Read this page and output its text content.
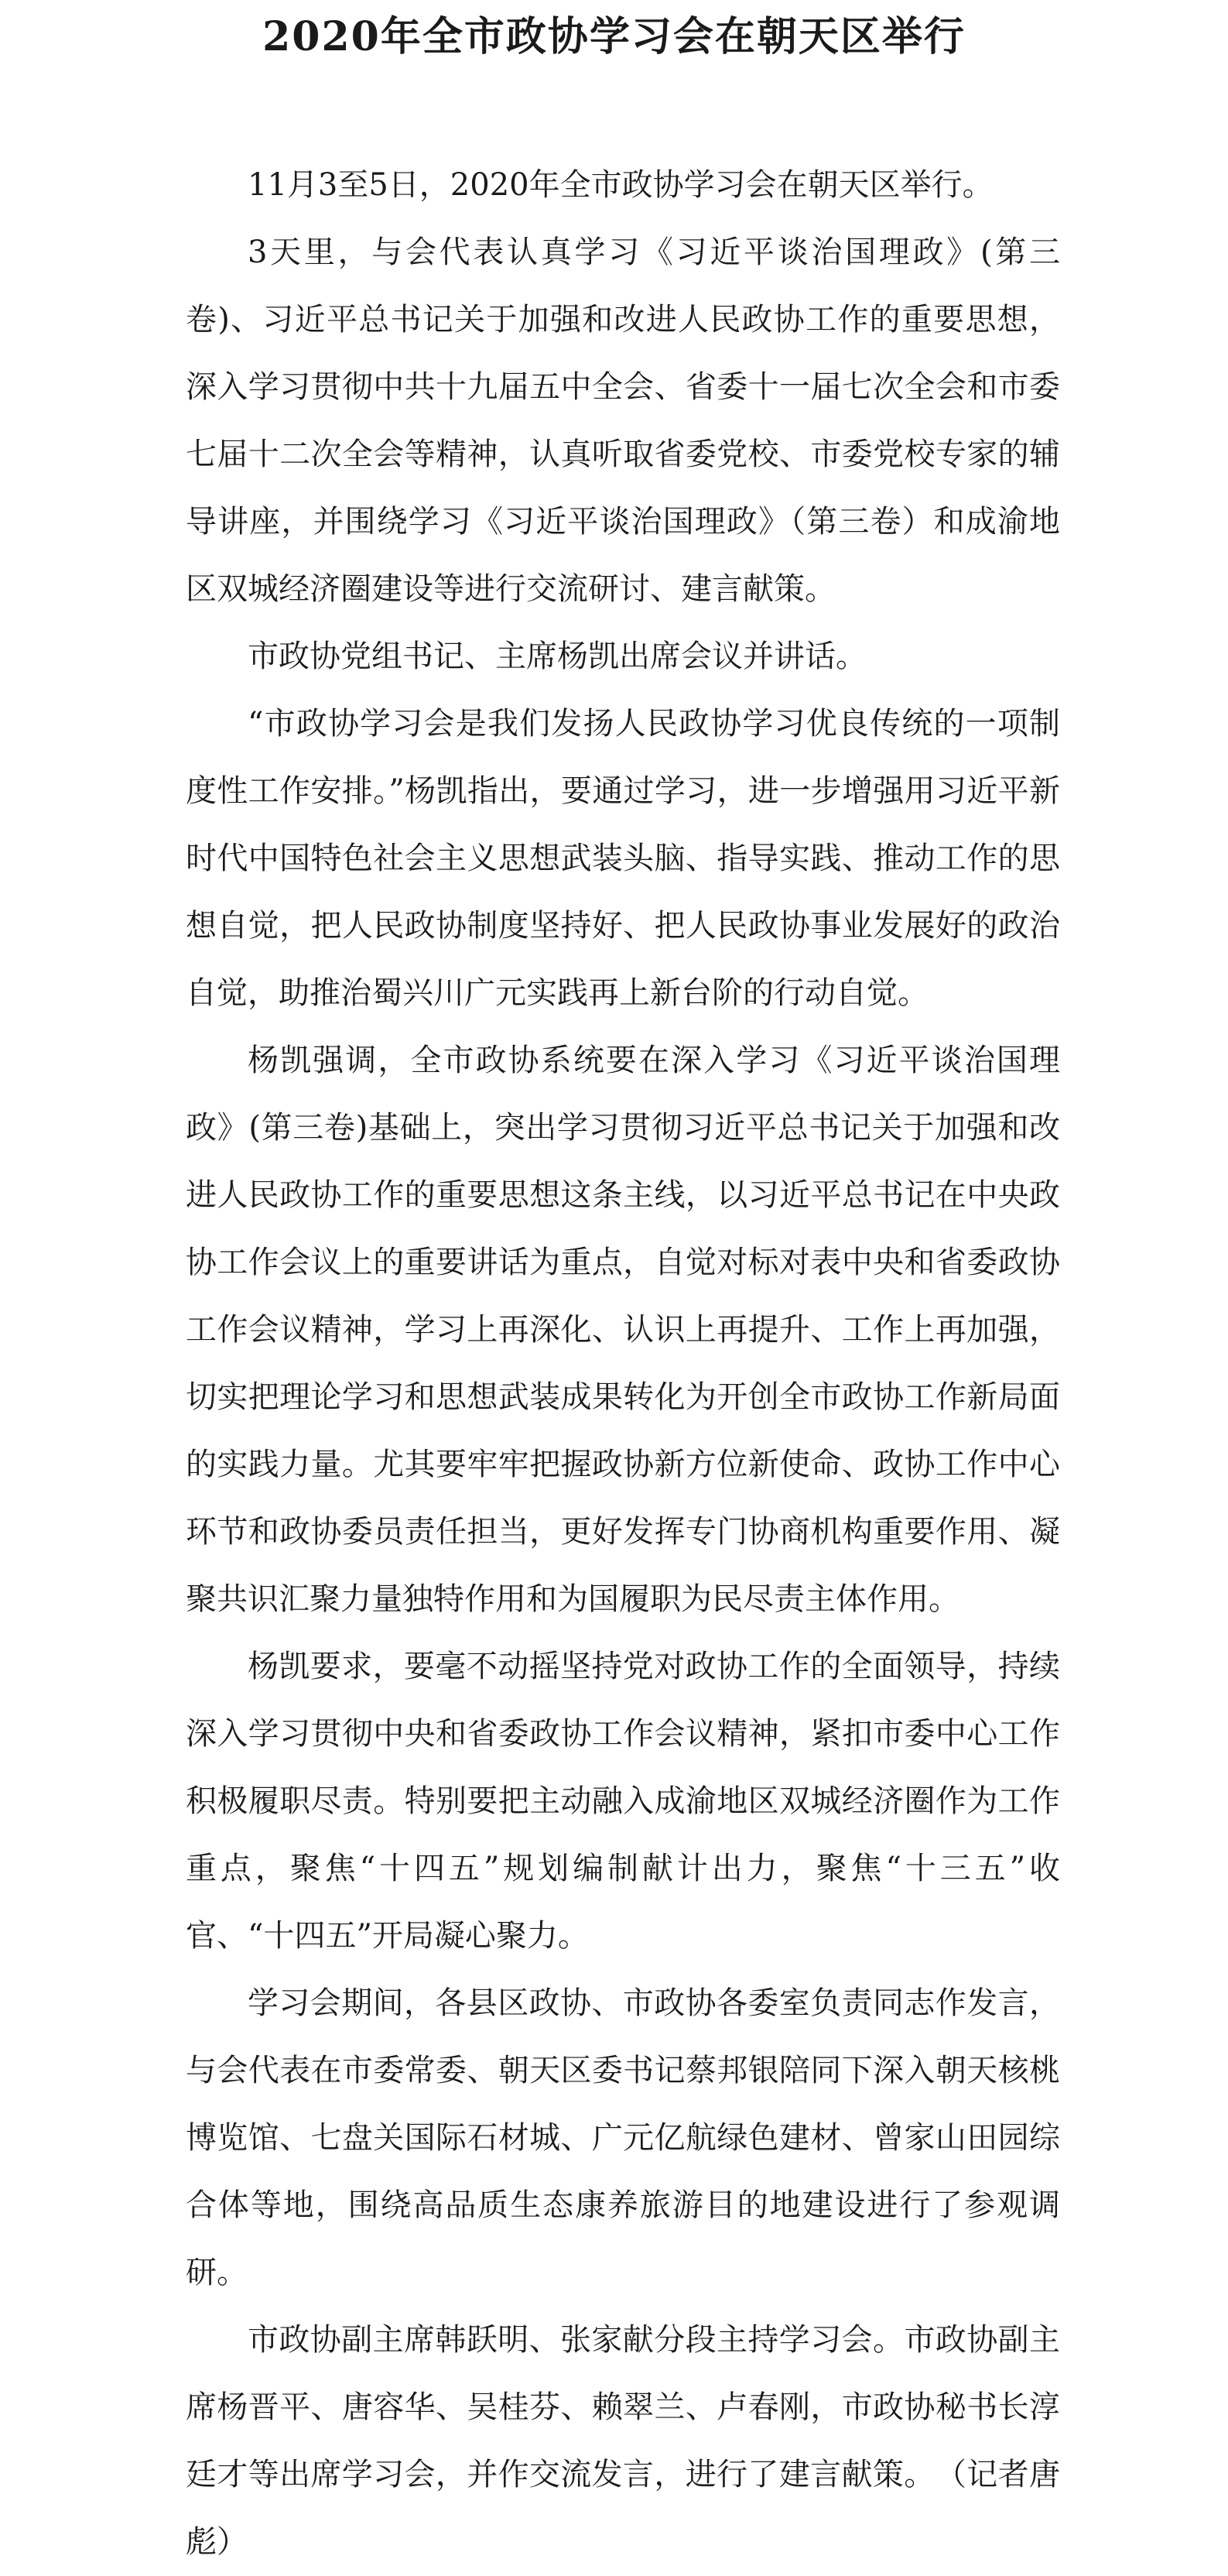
2020年全市政协学习会在朝天区举行

11月3至5日，2020年全市政协学习会在朝天区举行。

3天里，与会代表认真学习《习近平谈治国理政》(第三卷)、习近平总书记关于加强和改进人民政协工作的重要思想，深入学习贯彻中共十九届五中全会、省委十一届七次全会和市委七届十二次全会等精神，认真听取省委党校、市委党校专家的辅导讲座，并围绕学习《习近平谈治国理政》（第三卷）和成渝地区双城经济圈建设等进行交流研讨、建言献策。

市政协党组书记、主席杨凯出席会议并讲话。

“市政协学习会是我们发扬人民政协学习优良传统的一项制度性工作安排。”杨凯指出，要通过学习，进一步增强用习近平新时代中国特色社会主义思想武装头脑、指导实践、推动工作的思想自觉，把人民政协制度坚持好、把人民政协事业发展好的政治自觉，助推治蜀兴川广元实践再上新台阶的行动自觉。

杨凯强调，全市政协系统要在深入学习《习近平谈治国理政》(第三卷)基础上，突出学习贯彻习近平总书记关于加强和改进人民政协工作的重要思想这条主线，以习近平总书记在中央政协工作会议上的重要讲话为重点，自觉对标对表中央和省委政协工作会议精神，学习上再深化、认识上再提升、工作上再加强，切实把理论学习和思想武装成果转化为开创全市政协工作新局面的实践力量。尤其要牢牢把握政协新方位新使命、政协工作中心环节和政协委员责任担当，更好发挥专门协商机构重要作用、凝聚共识汇聚力量独特作用和为国履职为民尽责主体作用。

杨凯要求，要毫不动摇坚持党对政协工作的全面领导，持续深入学习贯彻中央和省委政协工作会议精神，紧扣市委中心工作积极履职尽责。特别要把主动融入成渝地区双城经济圈作为工作重点，聚焦“十四五”规划编制献计出力，聚焦“十三五”收官、“十四五”开局凝心聚力。

学习会期间，各县区政协、市政协各委室负责同志作发言，与会代表在市委常委、朝天区委书记蔡邦银陪同下深入朝天核桃博览馆、七盘关国际石材城、广元亿航绿色建材、曾家山田园综合体等地，围绕高品质生态康养旅游目的地建设进行了参观调研。

市政协副主席韩跃明、张家献分段主持学习会。市政协副主席杨晋平、唐容华、吴桂芬、赖翠兰、卢春刚，市政协秘书长淳廷才等出席学习会，并作交流发言，进行了建言献策。　（记者唐彪）
